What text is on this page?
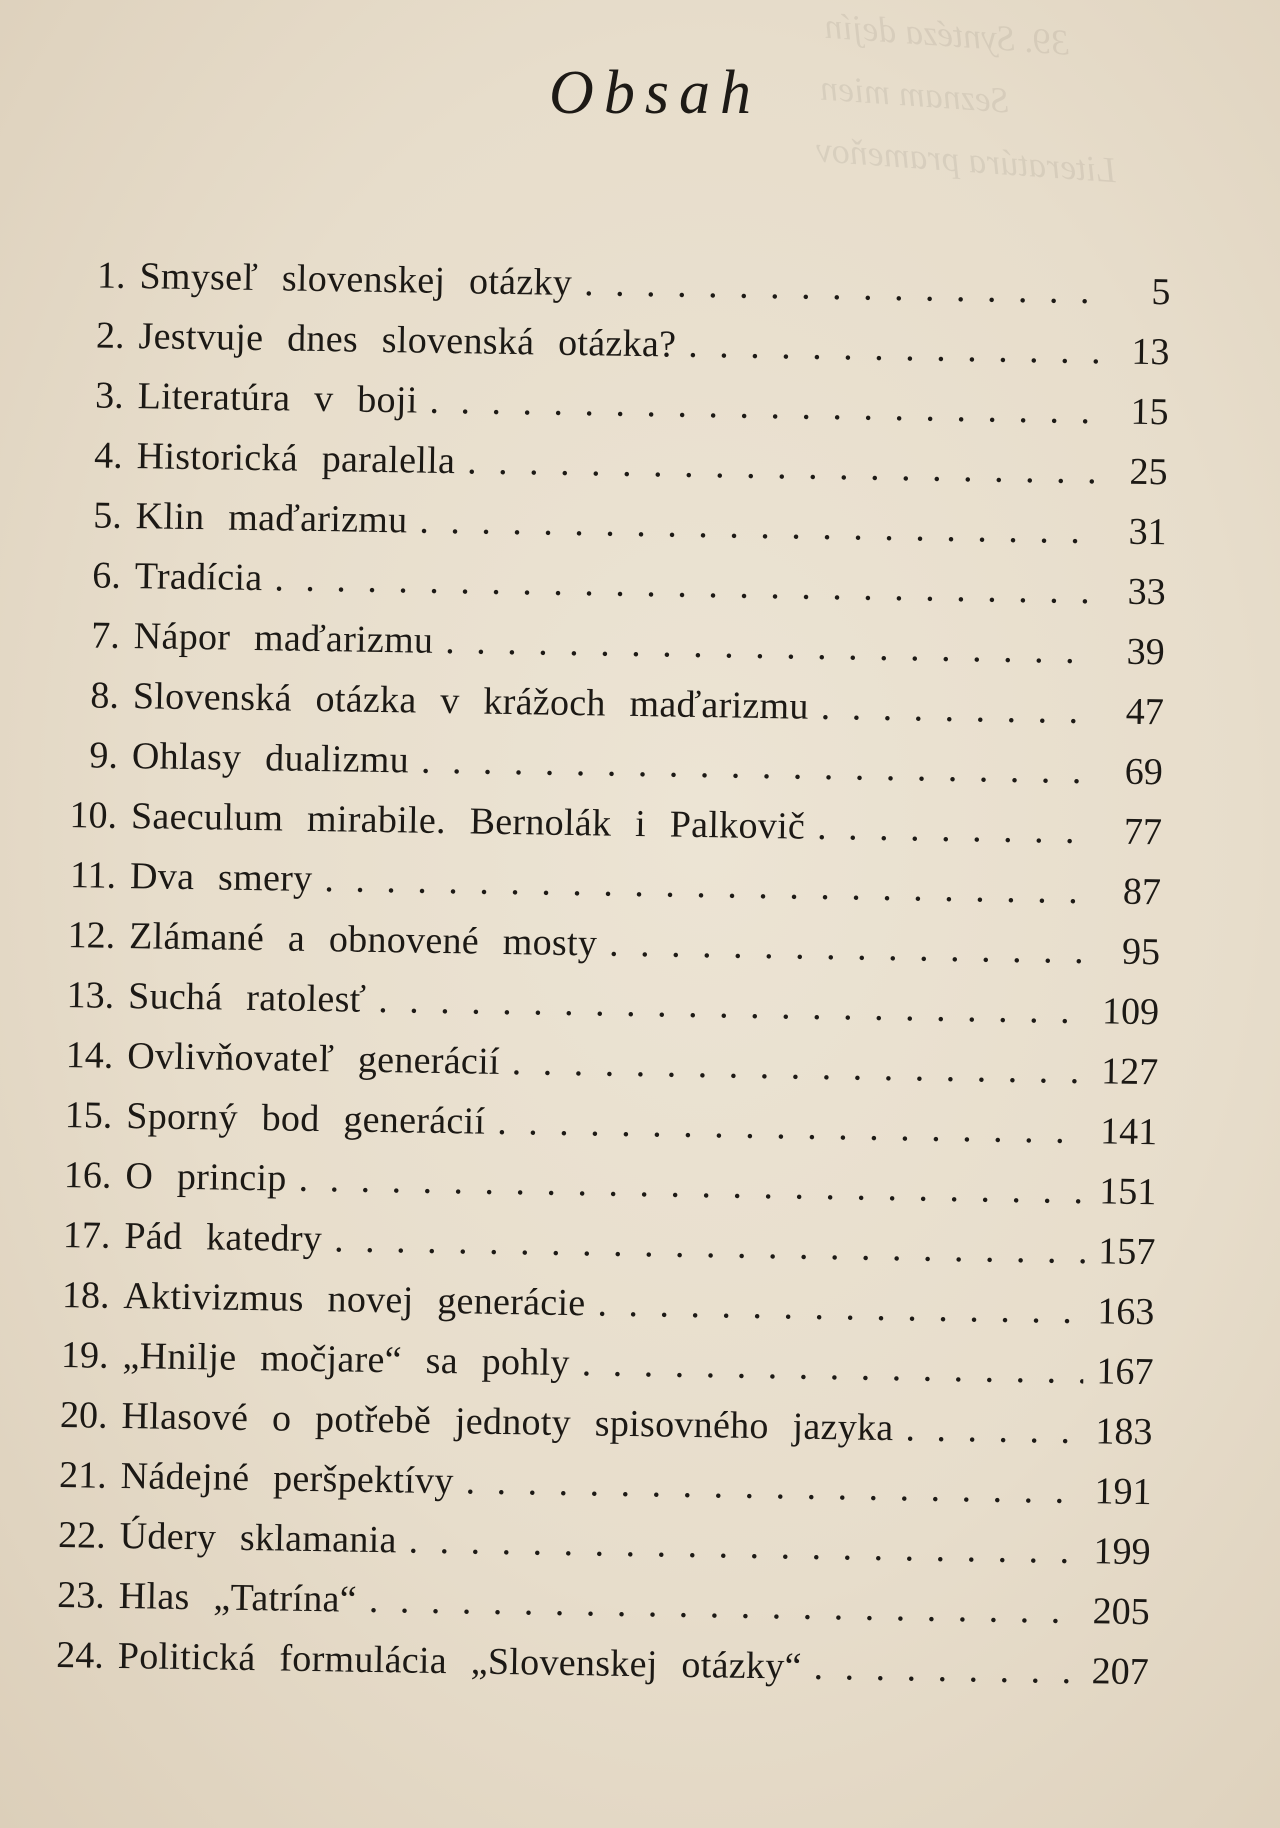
39. Syntéza dejín
Seznam mien
Literatúra prameňov
Obsah
1. Smyseľ slovenskej otázky . . .	5
2. Jestvuje dnes slovenská otázka? . . .	13
3. Literatúra v boji . . .	15
4. Historická paralella . . .	25
5. Klin maďarizmu . . .	31
6. Tradícia . . .	33
7. Nápor maďarizmu . . .	39
8. Slovenská otázka v krážoch maďarizmu . . .	47
9. Ohlasy dualizmu . . .	69
10. Saeculum mirabile. Bernolák i Palkovič . . .	77
11. Dva smery . . .	87
12. Zlámané a obnovené mosty . . .	95
13. Suchá ratolesť . . .	109
14. Ovlivňovateľ generácií . . .	127
15. Sporný bod generácií . . .	141
16. O princip . . .	151
17. Pád katedry . . .	157
18. Aktivizmus novej generácie . . .	163
19. „Hnilje močjare“ sa pohly . . .	167
20. Hlasové o potřebě jednoty spisovného jazyka . . .	183
21. Nádejné peršpektívy . . .	191
22. Údery sklamania . . .	199
23. Hlas „Tatrína“ . . .	205
24. Politická formulácia „Slovenskej otázky“ . . .	207
